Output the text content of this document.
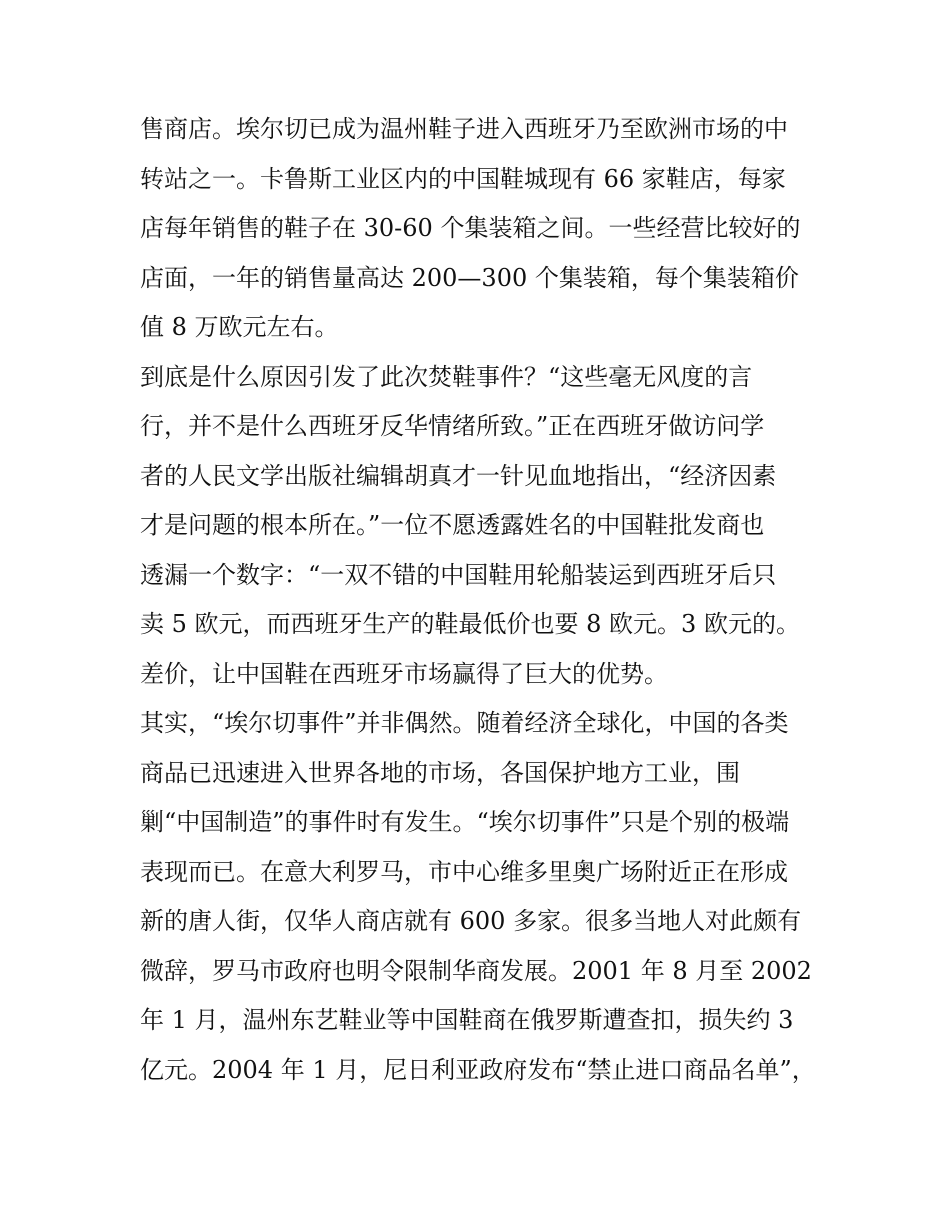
售商店。埃尔切已成为温州鞋子进入西班牙乃至欧洲市场的中
转站之一。卡鲁斯工业区内的中国鞋城现有 66 家鞋店，每家
店每年销售的鞋子在 30-60 个集装箱之间。一些经营比较好的
店面，一年的销售量高达 200—300 个集装箱，每个集装箱价
值 8 万欧元左右。
到底是什么原因引发了此次焚鞋事件？“这些毫无风度的言
行，并不是什么西班牙反华情绪所致。”正在西班牙做访问学
者的人民文学出版社编辑胡真才一针见血地指出，“经济因素
才是问题的根本所在。”一位不愿透露姓名的中国鞋批发商也
透漏一个数字：“一双不错的中国鞋用轮船装运到西班牙后只
卖 5 欧元，而西班牙生产的鞋最低价也要 8 欧元。3 欧元的。
差价，让中国鞋在西班牙市场赢得了巨大的优势。
其实，“埃尔切事件”并非偶然。随着经济全球化，中国的各类
商品已迅速进入世界各地的市场，各国保护地方工业，围
剿“中国制造”的事件时有发生。“埃尔切事件”只是个别的极端
表现而已。在意大利罗马，市中心维多里奥广场附近正在形成
新的唐人街，仅华人商店就有 600 多家。很多当地人对此颇有
微辞，罗马市政府也明令限制华商发展。2001 年 8 月至 2002
年 1 月，温州东艺鞋业等中国鞋商在俄罗斯遭查扣，损失约 3
亿元。2004 年 1 月，尼日利亚政府发布“禁止进口商品名单”，
